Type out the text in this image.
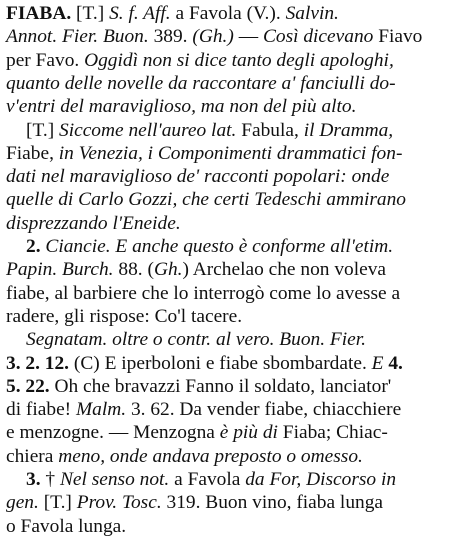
FIABA. [T.] S. f. Aff. a Favola (V.). Salvin.
Annot. Fier. Buon. 389. (Gh.) — Così dicevano Fiavo
per Favo. Oggidì non si dice tanto degli apologhi,
quanto delle novelle da raccontare a' fanciulli do-
v'entri del maraviglioso, ma non del più alto.
[T.] Siccome nell'aureo lat. Fabula, il Dramma,
Fiabe, in Venezia, i Componimenti drammatici fon-
dati nel maraviglioso de' racconti popolari: onde
quelle di Carlo Gozzi, che certi Tedeschi ammirano
disprezzando l'Eneide.
2. Ciancie. E anche questo è conforme all'etim.
Papin. Burch. 88. (Gh.) Archelao che non voleva
fiabe, al barbiere che lo interrogò come lo avesse a
radere, gli rispose: Co'l tacere.
Segnatam. oltre o contr. al vero. Buon. Fier.
3. 2. 12. (C) E iperboloni e fiabe sbombardate. E 4.
5. 22. Oh che bravazzi Fanno il soldato, lanciator'
di fiabe! Malm. 3. 62. Da vender fiabe, chiacchiere
e menzogne. — Menzogna è più di Fiaba; Chiac-
chiera meno, onde andava preposto o omesso.
3. † Nel senso not. a Favola da For, Discorso in
gen. [T.] Prov. Tosc. 319. Buon vino, fiaba lunga
o Favola lunga.
